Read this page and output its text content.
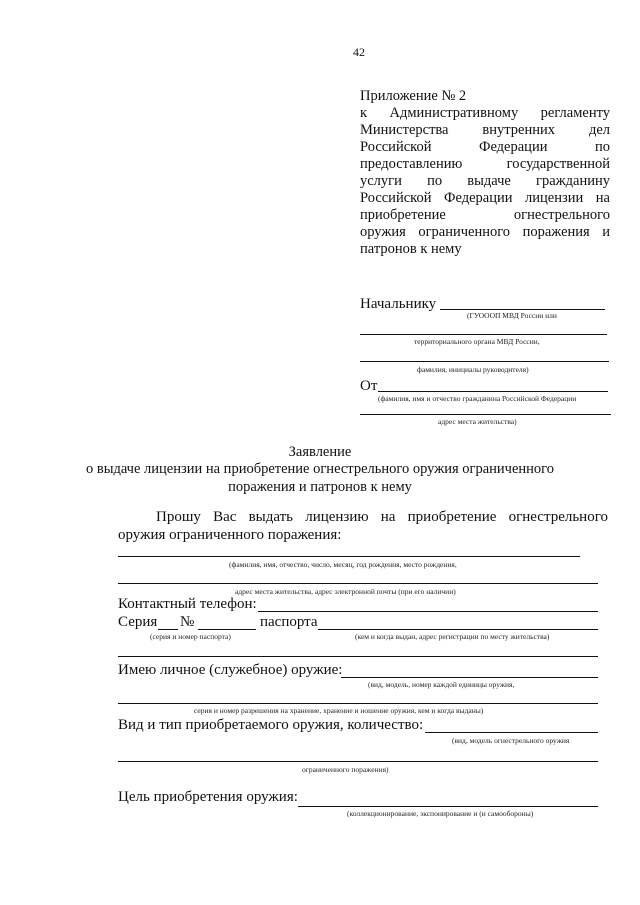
42
Приложение № 2
к Административному регламенту
Министерства внутренних дел
Российской Федерации по
предоставлению государственной
услуги по выдаче гражданину
Российской Федерации лицензии на
приобретение огнестрельного
оружия ограниченного поражения и
патронов к нему
Начальнику
(ГУОООП МВД России или
территориального органа МВД России,
фамилия, инициалы руководителя)
От
(фамилия, имя и отчество гражданина Российской Федерации
адрес места жительства)
Заявление
о выдаче лицензии на приобретение огнестрельного оружия ограниченного
поражения и патронов к нему
Прошу Вас выдать лицензию на приобретение огнестрельного
оружия ограниченного поражения:
(фамилия, имя, отчество, число, месяц, год рождения, место рождения,
адрес места жительства, адрес электронной почты (при его наличии)
Контактный телефон:
Серия №	паспорта
(серия и номер паспорта)	(кем и когда выдан, адрес регистрации по месту жительства)
Имею личное (служебное) оружие:
(вид, модель, номер каждой единицы оружия,
серия и номер разрешения на хранение, хранение и ношение оружия, кем и когда выданы)
Вид и тип приобретаемого оружия, количество:
(вид, модель огнестрельного оружия
ограниченного поражения)
Цель приобретения оружия:
(коллекционирование, экспонирование и (и самообороны)
